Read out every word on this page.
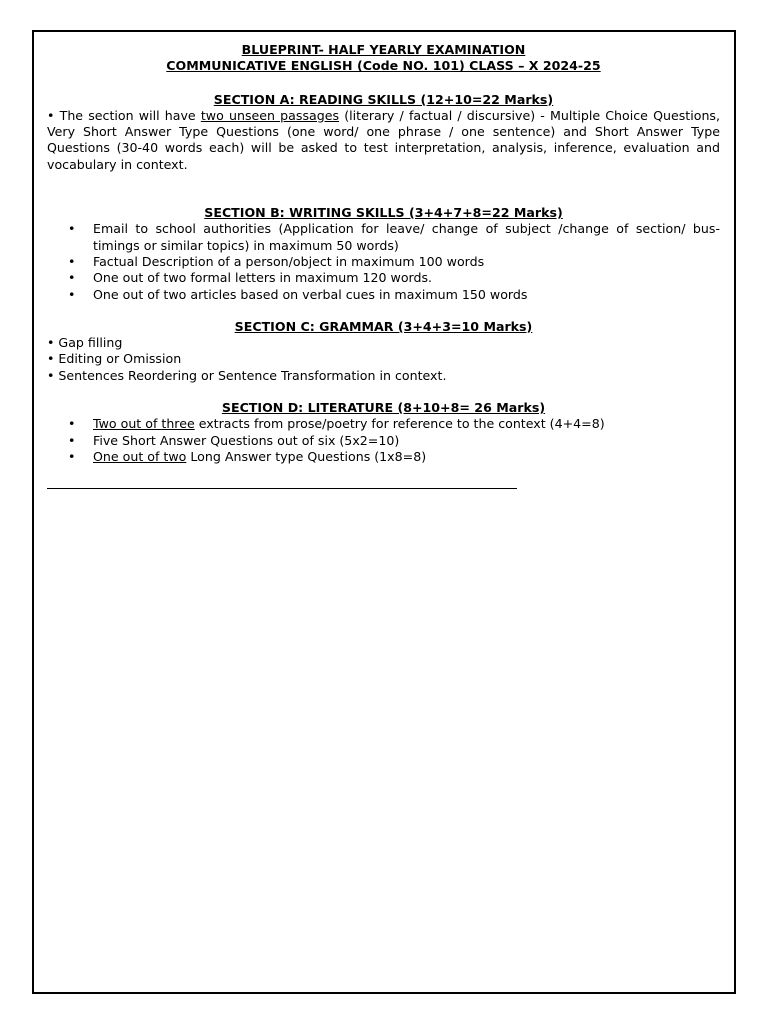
BLUEPRINT- HALF YEARLY EXAMINATION
COMMUNICATIVE ENGLISH (Code NO. 101) CLASS – X 2024-25
SECTION A: READING SKILLS (12+10=22 Marks)
• The section will have two unseen passages (literary / factual / discursive) - Multiple Choice Questions, Very Short Answer Type Questions (one word/ one phrase / one sentence) and Short Answer Type Questions (30-40 words each) will be asked to test interpretation, analysis, inference, evaluation and vocabulary in context.
SECTION B: WRITING SKILLS (3+4+7+8=22 Marks)
• Email to school authorities (Application for leave/ change of subject /change of section/ bus-timings or similar topics) in maximum 50 words)
• Factual Description of a person/object in maximum 100 words
• One out of two formal letters in maximum 120 words.
• One out of two articles based on verbal cues in maximum 150 words
SECTION C: GRAMMAR (3+4+3=10 Marks)
• Gap filling
• Editing or Omission
• Sentences Reordering or Sentence Transformation in context.
SECTION D: LITERATURE (8+10+8= 26 Marks)
• Two out of three extracts from prose/poetry for reference to the context (4+4=8)
• Five Short Answer Questions out of six (5x2=10)
• One out of two Long Answer type Questions (1x8=8)
